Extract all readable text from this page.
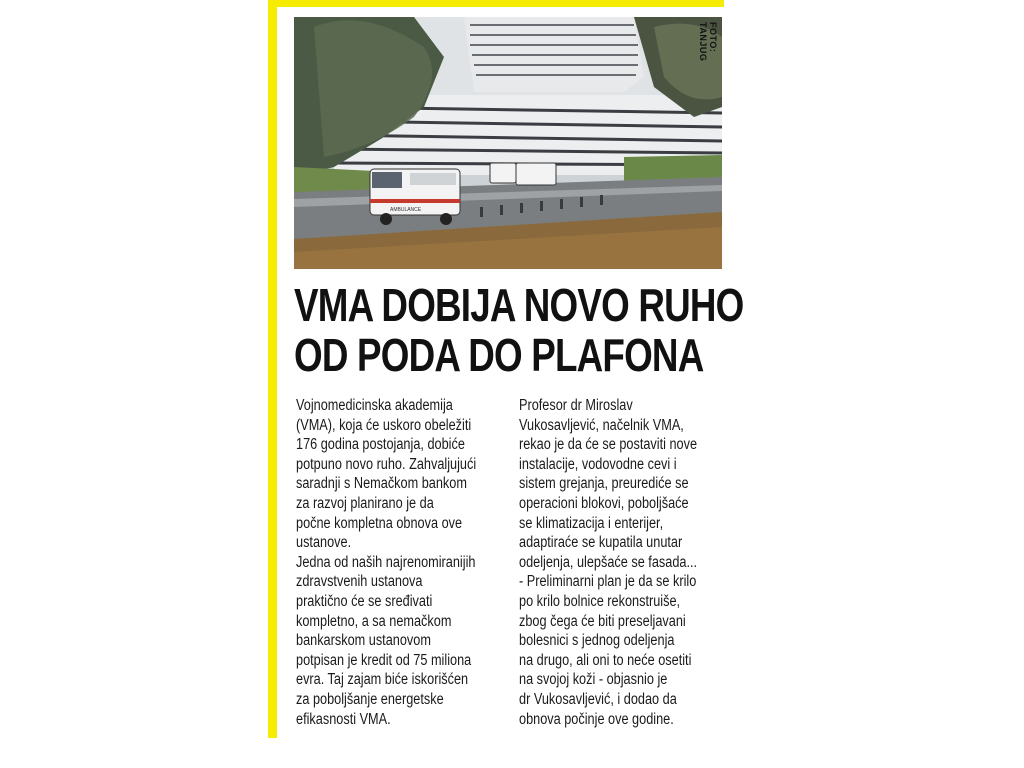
AMBULANCE
FOTO: TANJUG
VMA DOBIJA NOVO RUHO
OD PODA DO PLAFONA
Vojnomedicinska akademija
(VMA), koja će uskoro obeležiti
176 godina postojanja, dobiće
potpuno novo ruho. Zahvaljujući
saradnji s Nemačkom bankom
za razvoj planirano je da
počne kompletna obnova ove
ustanove.
Jedna od naših najrenomiranijih
zdravstvenih ustanova
praktično će se sređivati
kompletno, a sa nemačkom
bankarskom ustanovom
potpisan je kredit od 75 miliona
evra. Taj zajam biće iskorišćen
za poboljšanje energetske
efikasnosti VMA.
Profesor dr Miroslav
Vukosavljević, načelnik VMA,
rekao je da će se postaviti nove
instalacije, vodovodne cevi i
sistem grejanja, preurediće se
operacioni blokovi, poboljšaće
se klimatizacija i enterijer,
adaptiraće se kupatila unutar
odeljenja, ulepšaće se fasada...
- Preliminarni plan je da se krilo
po krilo bolnice rekonstruiše,
zbog čega će biti preseljavani
bolesnici s jednog odeljenja
na drugo, ali oni to neće osetiti
na svojoj koži - objasnio je
dr Vukosavljević, i dodao da
obnova počinje ove godine.
